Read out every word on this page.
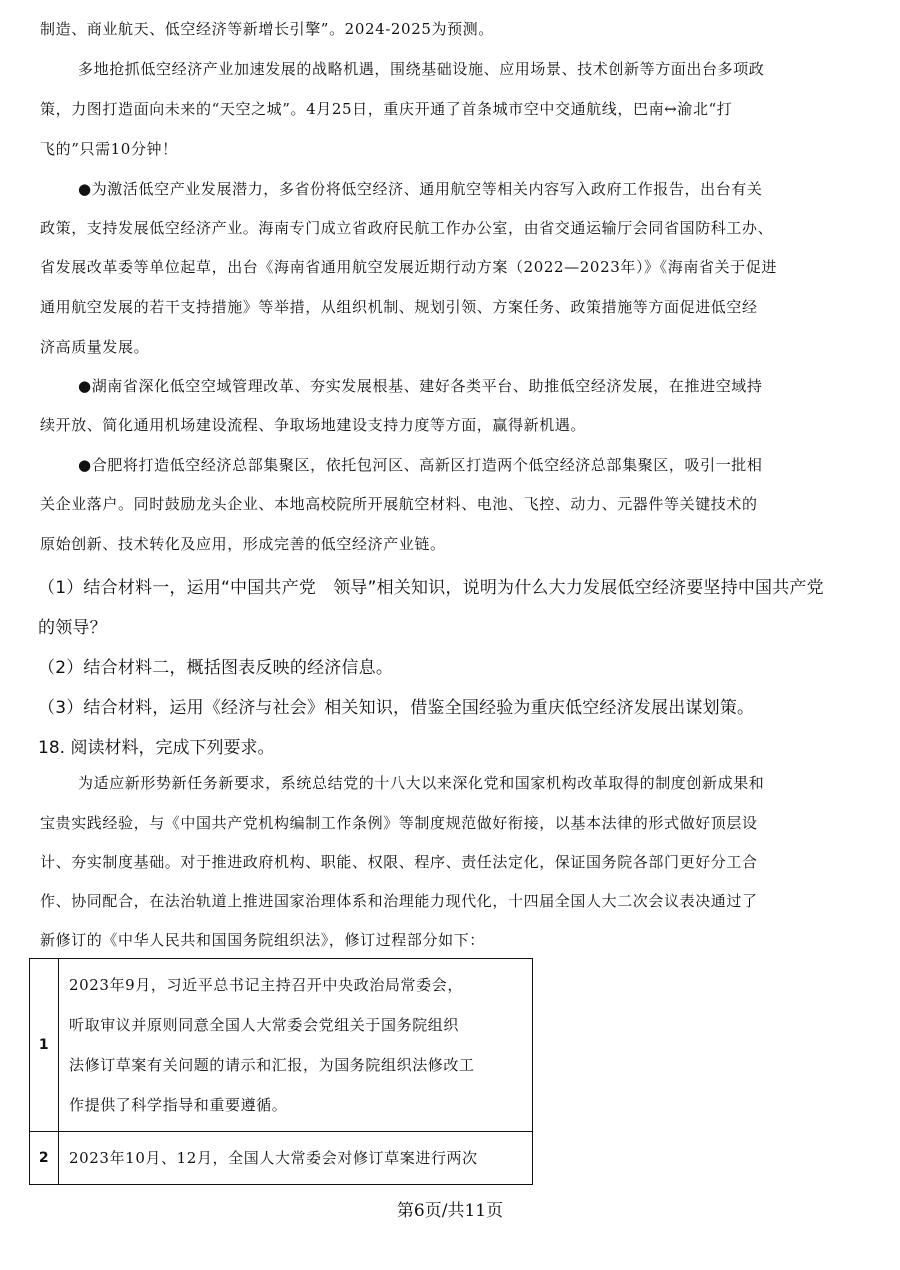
制造、商业航天、低空经济等新增长引擎”。2024-2025为预测。
多地抢抓低空经济产业加速发展的战略机遇，围绕基础设施、应用场景、技术创新等方面出台多项政
策，力图打造面向未来的“天空之城”。4月25日，重庆开通了首条城市空中交通航线，巴南↔渝北“打
飞的”只需10分钟！
●为激活低空产业发展潜力，多省份将低空经济、通用航空等相关内容写入政府工作报告，出台有关
政策，支持发展低空经济产业。海南专门成立省政府民航工作办公室，由省交通运输厅会同省国防科工办、
省发展改革委等单位起草，出台《海南省通用航空发展近期行动方案（2022—2023年）》《海南省关于促进
通用航空发展的若干支持措施》等举措，从组织机制、规划引领、方案任务、政策措施等方面促进低空经
济高质量发展。
●湖南省深化低空空域管理改革、夯实发展根基、建好各类平台、助推低空经济发展，在推进空域持
续开放、简化通用机场建设流程、争取场地建设支持力度等方面，赢得新机遇。
●合肥将打造低空经济总部集聚区，依托包河区、高新区打造两个低空经济总部集聚区，吸引一批相
关企业落户。同时鼓励龙头企业、本地高校院所开展航空材料、电池、飞控、动力、元器件等关键技术的
原始创新、技术转化及应用，形成完善的低空经济产业链。
（1）结合材料一，运用“中国共产党　领导”相关知识，说明为什么大力发展低空经济要坚持中国共产党
的领导？
（2）结合材料二，概括图表反映的经济信息。
（3）结合材料，运用《经济与社会》相关知识，借鉴全国经验为重庆低空经济发展出谋划策。
18. 阅读材料，完成下列要求。
为适应新形势新任务新要求，系统总结党的十八大以来深化党和国家机构改革取得的制度创新成果和
宝贵实践经验，与《中国共产党机构编制工作条例》等制度规范做好衔接，以基本法律的形式做好顶层设
计、夯实制度基础。对于推进政府机构、职能、权限、程序、责任法定化，保证国务院各部门更好分工合
作、协同配合，在法治轨道上推进国家治理体系和治理能力现代化，十四届全国人大二次会议表决通过了
新修订的《中华人民共和国国务院组织法》，修订过程部分如下：
1	2023年9月，习近平总书记主持召开中央政治局常委会，
听取审议并原则同意全国人大常委会党组关于国务院组织
法修订草案有关问题的请示和汇报，为国务院组织法修改工
作提供了科学指导和重要遵循。

2	2023年10月、12月，全国人大常委会对修订草案进行两次
第6页/共11页
